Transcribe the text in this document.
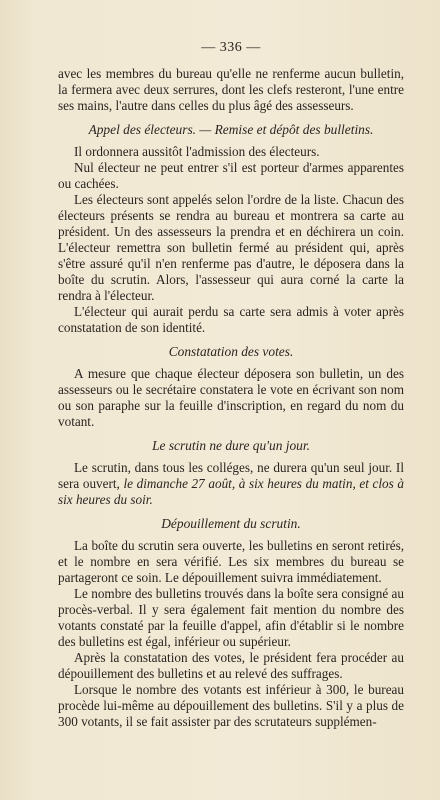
— 336 —

avec les membres du bureau qu'elle ne renferme aucun bulletin, la fermera avec deux serrures, dont les clefs resteront, l'une entre ses mains, l'autre dans celles du plus âgé des assesseurs.

Appel des électeurs. — Remise et dépôt des bulletins.

Il ordonnera aussitôt l'admission des électeurs.

Nul électeur ne peut entrer s'il est porteur d'armes apparentes ou cachées.

Les électeurs sont appelés selon l'ordre de la liste. Chacun des électeurs présents se rendra au bureau et montrera sa carte au président. Un des assesseurs la prendra et en déchirera un coin. L'électeur remettra son bulletin fermé au président qui, après s'être assuré qu'il n'en renferme pas d'autre, le déposera dans la boîte du scrutin. Alors, l'assesseur qui aura corné la carte la rendra à l'électeur.

L'électeur qui aurait perdu sa carte sera admis à voter après constatation de son identité.

Constatation des votes.

A mesure que chaque électeur déposera son bulletin, un des assesseurs ou le secrétaire constatera le vote en écrivant son nom ou son paraphe sur la feuille d'inscription, en regard du nom du votant.

Le scrutin ne dure qu'un jour.

Le scrutin, dans tous les colléges, ne durera qu'un seul jour. Il sera ouvert, le dimanche 27 août, à six heures du matin, et clos à six heures du soir.

Dépouillement du scrutin.

La boîte du scrutin sera ouverte, les bulletins en seront retirés, et le nombre en sera vérifié. Les six membres du bureau se partageront ce soin. Le dépouillement suivra immédiatement.

Le nombre des bulletins trouvés dans la boîte sera consigné au procès-verbal. Il y sera également fait mention du nombre des votants constaté par la feuille d'appel, afin d'établir si le nombre des bulletins est égal, inférieur ou supérieur.

Après la constatation des votes, le président fera procéder au dépouillement des bulletins et au relevé des suffrages.

Lorsque le nombre des votants est inférieur à 300, le bureau procède lui-même au dépouillement des bulletins. S'il y a plus de 300 votants, il se fait assister par des scrutateurs supplémen-
